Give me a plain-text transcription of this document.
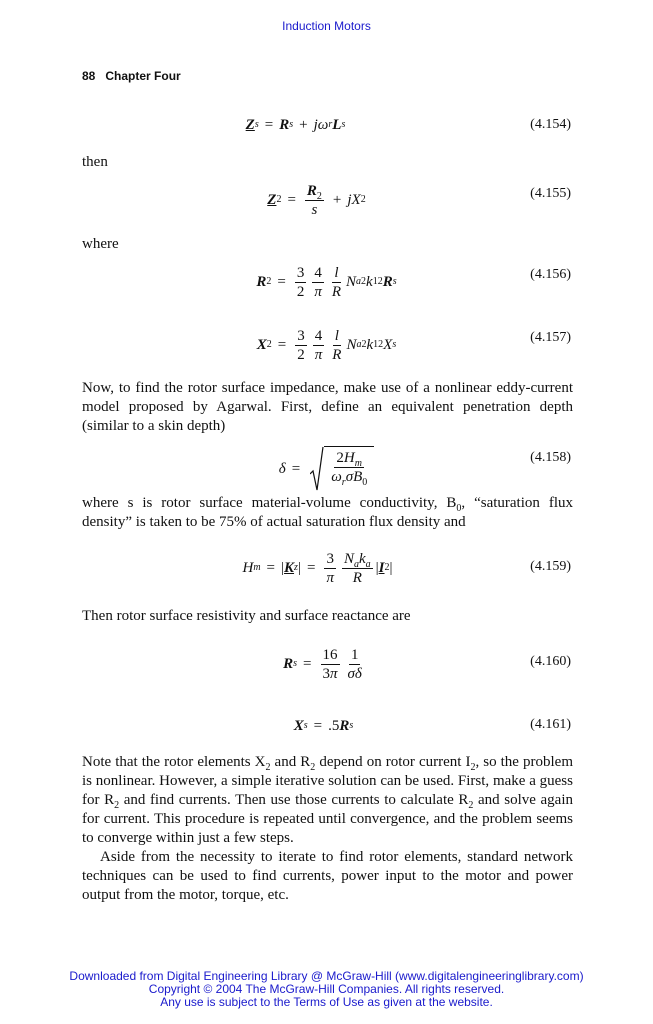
Induction Motors
88 Chapter Four
Z s = R s + j ω r L s	(4.154)
then
Z $2 = \frac{R_2}{s}$ + jX 2	(4.155)
where
R $2 = \frac{3}{2} \frac{4}{\pi} \frac{l}{R}$ N a 2 k 1 2 R s	(4.156)
X $2 = \frac{3}{2} \frac{4}{\pi} \frac{l}{R}$ N a 2 k 1 2 X s	(4.157)

Now, to find the rotor surface impedance, make use of a nonlinear eddy-current model proposed by Agarwal. First, define an equivalent penetration depth (similar to a skin depth)

$\delta = \frac{2H_m}{\omega_r\sigma B_0}$	(4.158)

where s is rotor surface material-volume conductivity, $B_0$, “saturation flux density” is taken to be 75% of actual saturation flux density and

H m = | K z | = $\frac{3}{\pi} \frac{N_ak_a}{R}$ | I 2 |	(4.159)

Then rotor surface resistivity and surface reactance are

R $s = \frac{16}{3\pi} \frac{1}{\sigma\delta}$	(4.160)
X s = .5 R s	(4.161)

Note that the rotor elements $X_2$ and $R_2$ depend on rotor current $I_2$, so the problem is nonlinear. However, a simple iterative solution can be used. First, make a guess for $R_2$ and find currents. Then use those currents to calculate $R_2$ and solve again for current. This procedure is repeated until convergence, and the problem seems to converge within just a few steps.

Aside from the necessity to iterate to find rotor elements, standard network techniques can be used to find currents, power input to the motor and power output from the motor, torque, etc.

Downloaded from Digital Engineering Library @ McGraw-Hill (www.digitalengineeringlibrary.com)
Copyright © 2004 The McGraw-Hill Companies. All rights reserved.
Any use is subject to the Terms of Use as given at the website.
